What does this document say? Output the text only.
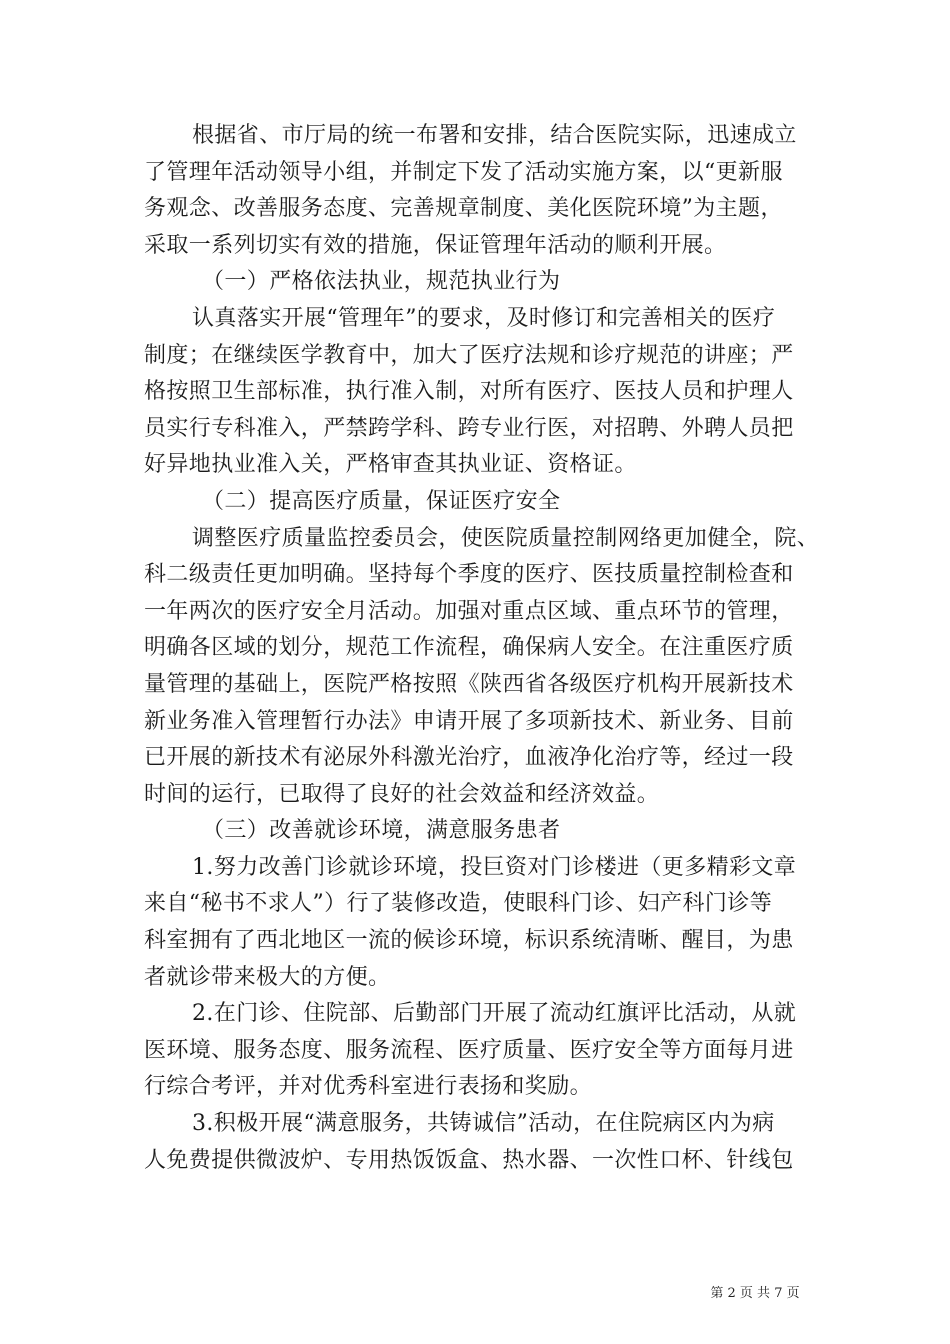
根据省、市厅局的统一布署和安排，结合医院实际，迅速成立
了管理年活动领导小组，并制定下发了活动实施方案，以“更新服
务观念、改善服务态度、完善规章制度、美化医院环境”为主题，
采取一系列切实有效的措施，保证管理年活动的顺利开展。
（一）严格依法执业，规范执业行为
认真落实开展“管理年”的要求，及时修订和完善相关的医疗
制度；在继续医学教育中，加大了医疗法规和诊疗规范的讲座；严
格按照卫生部标准，执行准入制，对所有医疗、医技人员和护理人
员实行专科准入，严禁跨学科、跨专业行医，对招聘、外聘人员把
好异地执业准入关，严格审查其执业证、资格证。
（二）提高医疗质量，保证医疗安全
调整医疗质量监控委员会，使医院质量控制网络更加健全，院、
科二级责任更加明确。坚持每个季度的医疗、医技质量控制检查和
一年两次的医疗安全月活动。加强对重点区域、重点环节的管理，
明确各区域的划分，规范工作流程，确保病人安全。在注重医疗质
量管理的基础上，医院严格按照《陕西省各级医疗机构开展新技术
新业务准入管理暂行办法》申请开展了多项新技术、新业务、目前
已开展的新技术有泌尿外科激光治疗，血液净化治疗等，经过一段
时间的运行，已取得了良好的社会效益和经济效益。
（三）改善就诊环境，满意服务患者
1.努力改善门诊就诊环境，投巨资对门诊楼进（更多精彩文章
来自“秘书不求人”）行了装修改造，使眼科门诊、妇产科门诊等
科室拥有了西北地区一流的候诊环境，标识系统清晰、醒目，为患
者就诊带来极大的方便。
2.在门诊、住院部、后勤部门开展了流动红旗评比活动，从就
医环境、服务态度、服务流程、医疗质量、医疗安全等方面每月进
行综合考评，并对优秀科室进行表扬和奖励。
3.积极开展“满意服务，共铸诚信”活动，在住院病区内为病
人免费提供微波炉、专用热饭饭盒、热水器、一次性口杯、针线包
第 2 页 共 7 页
